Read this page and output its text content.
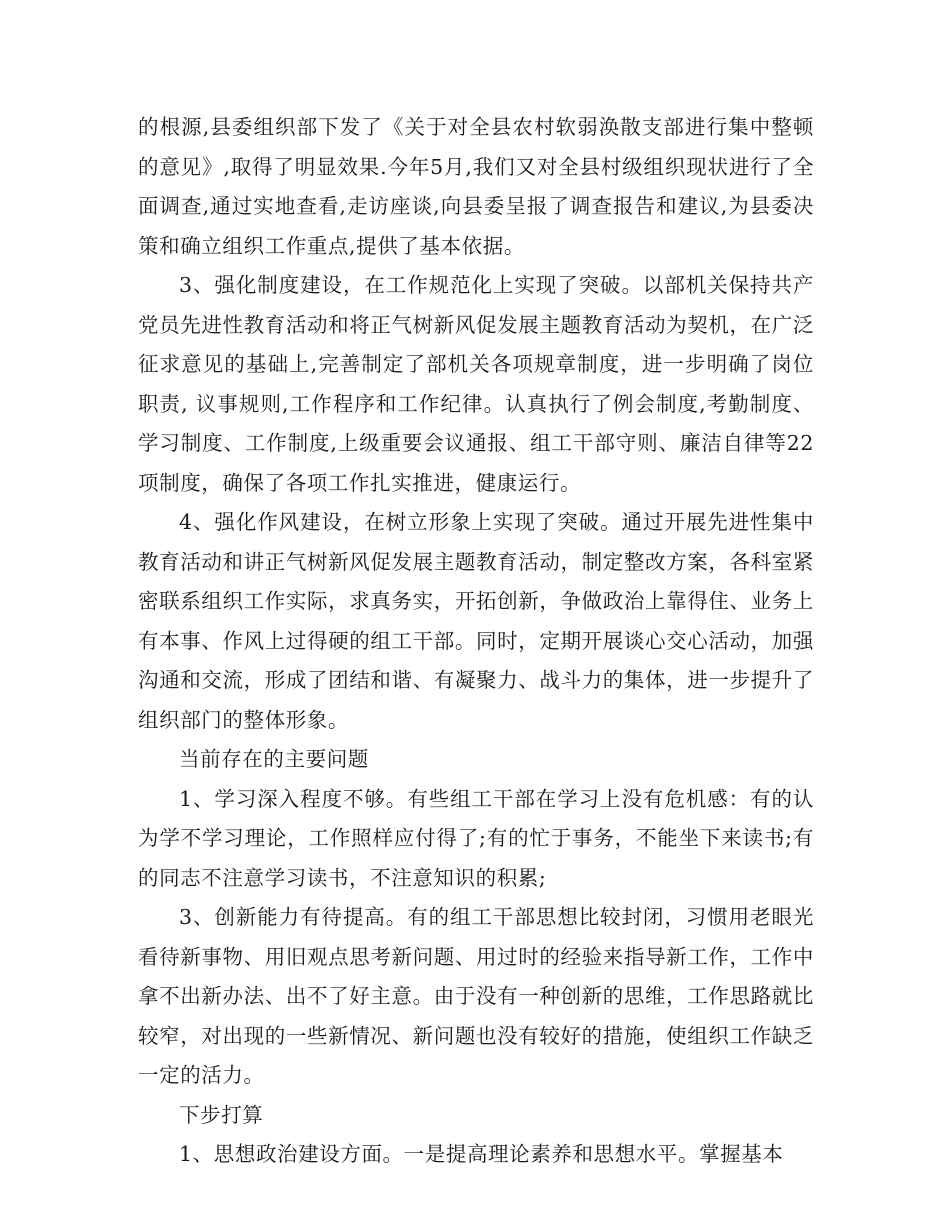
的根源,县委组织部下发了《关于对全县农村软弱涣散支部进行集中整顿的意见》,取得了明显效果.今年5月,我们又对全县村级组织现状进行了全面调查,通过实地查看,走访座谈,向县委呈报了调查报告和建议,为县委决策和确立组织工作重点,提供了基本依据。

3、强化制度建设，在工作规范化上实现了突破。以部机关保持共产党员先进性教育活动和将正气树新风促发展主题教育活动为契机，在广泛征求意见的基础上,完善制定了部机关各项规章制度，进一步明确了岗位职责, 议事规则,工作程序和工作纪律。认真执行了例会制度,考勤制度、学习制度、工作制度,上级重要会议通报、组工干部守则、廉洁自律等22项制度，确保了各项工作扎实推进，健康运行。

4、强化作风建设，在树立形象上实现了突破。通过开展先进性集中教育活动和讲正气树新风促发展主题教育活动，制定整改方案，各科室紧密联系组织工作实际，求真务实，开拓创新，争做政治上靠得住、业务上有本事、作风上过得硬的组工干部。同时，定期开展谈心交心活动，加强沟通和交流，形成了团结和谐、有凝聚力、战斗力的集体，进一步提升了组织部门的整体形象。

当前存在的主要问题

1、学习深入程度不够。有些组工干部在学习上没有危机感：有的认为学不学习理论，工作照样应付得了;有的忙于事务，不能坐下来读书;有的同志不注意学习读书，不注意知识的积累;

3、创新能力有待提高。有的组工干部思想比较封闭，习惯用老眼光看待新事物、用旧观点思考新问题、用过时的经验来指导新工作，工作中拿不出新办法、出不了好主意。由于没有一种创新的思维，工作思路就比较窄，对出现的一些新情况、新问题也没有较好的措施，使组织工作缺乏一定的活力。

下步打算

1、思想政治建设方面。一是提高理论素养和思想水平。掌握基本
